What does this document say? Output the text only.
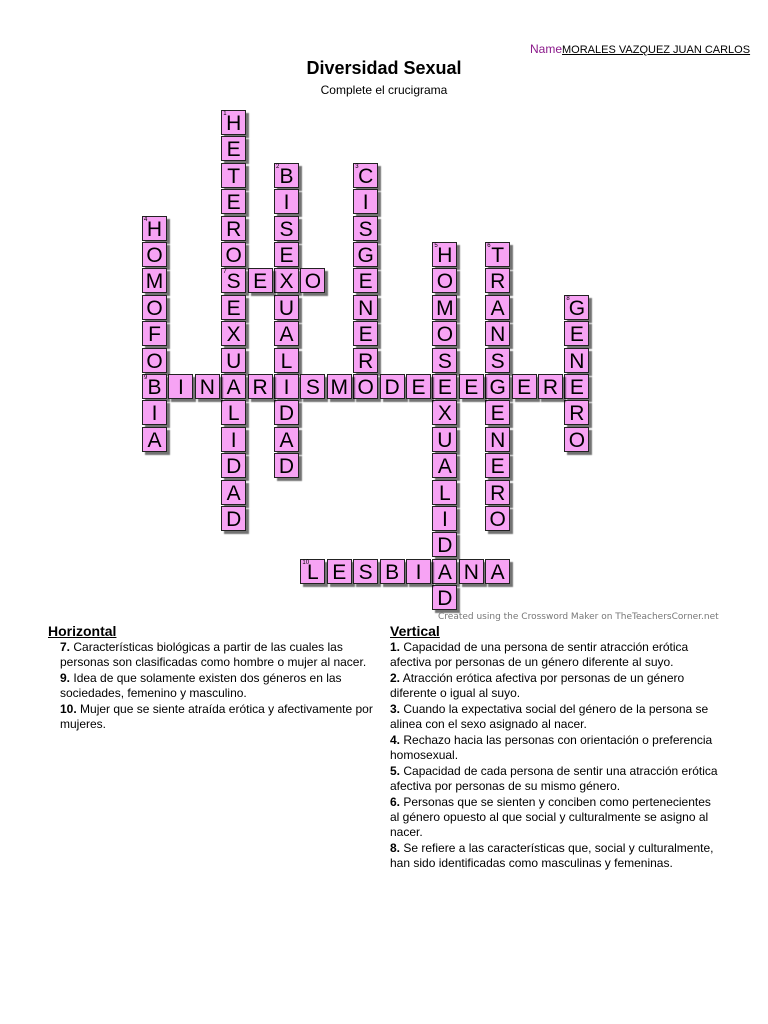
NameMORALES VAZQUEZ JUAN CARLOS
Diversidad Sexual
Complete el crucigrama
1 H
E
T
E
R
O
7 S
E
X
U
A
L
I
D
A
D
2 B
I
S
E
X
U
A
L
I
D
A
D
3 C
I
S
G
E
N
E
R
O
4 H
O
M
O
F
O
9 B
I
A
5 H
O
M
O
S
E
X
U
A
L
I
D
A
D
6 T
R
A
N
S
G
E
N
E
R
O
E O
8
G
E
N
E
R
O
I N R S M D E E E R
10
L E S B I	N A
Created using the Crossword Maker on TheTeachersCorner.net
Horizontal
7. Características biológicas a partir de las cuales las personas son clasificadas como hombre o mujer al nacer.
9. Idea de que solamente existen dos géneros en las sociedades, femenino y masculino.
10. Mujer que se siente atraída erótica y afectivamente por mujeres.
Vertical
1. Capacidad de una persona de sentir atracción erótica afectiva por personas de un género diferente al suyo.
2. Atracción erótica afectiva por personas de un género diferente o igual al suyo.
3. Cuando la expectativa social del género de la persona se alinea con el sexo asignado al nacer.
4. Rechazo hacia las personas con orientación o preferencia homosexual.
5. Capacidad de cada persona de sentir una atracción erótica afectiva por personas de su mismo género.
6. Personas que se sienten y conciben como pertenecientes al género opuesto al que social y culturalmente se asigno al nacer.
8. Se refiere a las características que, social y culturalmente, han sido identificadas como masculinas y femeninas.
